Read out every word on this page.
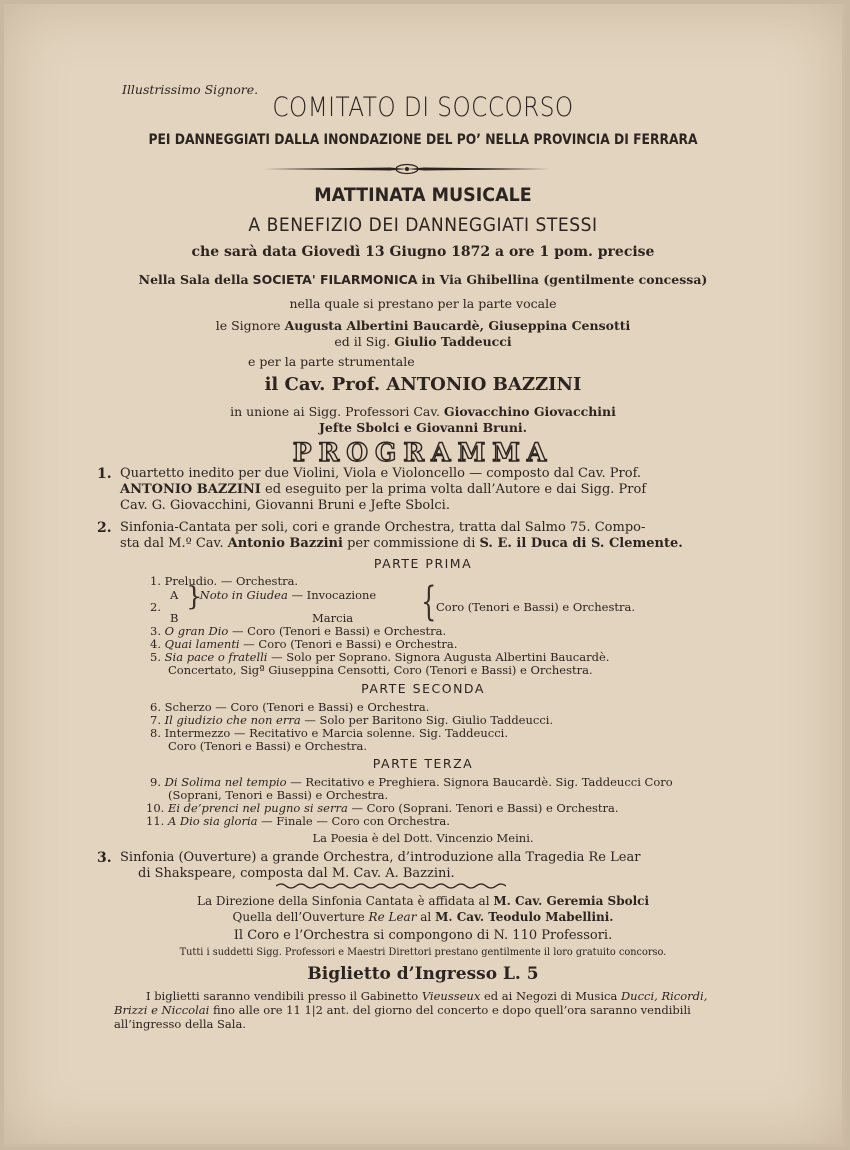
Illustrissimo Signore.
COMITATO DI SOCCORSO
PEI DANNEGGIATI DALLA INONDAZIONE DEL PO’ NELLA PROVINCIA DI FERRARA
MATTINATA MUSICALE
A BENEFIZIO DEI DANNEGGIATI STESSI
che sarà data Giovedì 13 Giugno 1872 a ore 1 pom. precise
Nella Sala della SOCIETA' FILARMONICA in Via Ghibellina (gentilmente concessa)
nella quale si prestano per la parte vocale
le Signore Augusta Albertini Baucardè, Giuseppina Censotti
ed il Sig. Giulio Taddeucci
e per la parte strumentale
il Cav. Prof. ANTONIO BAZZINI
in unione ai Sigg. Professori Cav. Giovacchino Giovacchini
Jefte Sbolci e Giovanni Bruni.
PROGRAMMA
1. Quartetto inedito per due Violini, Viola e Violoncello — composto dal Cav. Prof.
ANTONIO BAZZINI ed eseguito per la prima volta dall’Autore e dai Sigg. Prof
Cav. G. Giovacchini, Giovanni Bruni e Jefte Sbolci.
2. Sinfonia-Cantata per soli, cori e grande Orchestra, tratta dal Salmo 75. Compo-
sta dal M.º Cav. Antonio Bazzini per commissione di S. E. il Duca di S. Clemente.
PARTE PRIMA
1. Preludio. — Orchestra.
A Noto in Giudea — Invocazione
}
2.
B	Marcia { Coro (Tenori e Bassi) e Orchestra.
3. O gran Dio — Coro (Tenori e Bassi) e Orchestra.
4. Quai lamenti — Coro (Tenori e Bassi) e Orchestra.
5. Sia pace o fratelli — Solo per Soprano. Signora Augusta Albertini Baucardè.
Concertato, Sigª Giuseppina Censotti, Coro (Tenori e Bassi) e Orchestra.
PARTE SECONDA
6. Scherzo — Coro (Tenori e Bassi) e Orchestra.
7. Il giudizio che non erra — Solo per Baritono Sig. Giulio Taddeucci.
8. Intermezzo — Recitativo e Marcia solenne. Sig. Taddeucci.
Coro (Tenori e Bassi) e Orchestra.
PARTE TERZA
9. Di Solima nel tempio — Recitativo e Preghiera. Signora Baucardè. Sig. Taddeucci Coro
(Soprani, Tenori e Bassi) e Orchestra.
10. Ei de’prenci nel pugno si serra — Coro (Soprani. Tenori e Bassi) e Orchestra.
11. A Dio sia gloria — Finale — Coro con Orchestra.
La Poesia è del Dott. Vincenzio Meini.
3. Sinfonia (Ouverture) a grande Orchestra, d’introduzione alla Tragedia Re Lear
di Shakspeare, composta dal M. Cav. A. Bazzini.
La Direzione della Sinfonia Cantata è affidata al M. Cav. Geremia Sbolci
Quella dell’Ouverture Re Lear al M. Cav. Teodulo Mabellini.
Il Coro e l’Orchestra si compongono di N. 110 Professori.
Tutti i suddetti Sigg. Professori e Maestri Direttori prestano gentilmente il loro gratuito concorso.
Biglietto d’Ingresso L. 5
I biglietti saranno vendibili presso il Gabinetto Vieusseux ed ai Negozi di Musica Ducci, Ricordi,
Brizzi e Niccolai fino alle ore 11 1|2 ant. del giorno del concerto e dopo quell’ora saranno vendibili
all’ingresso della Sala.
